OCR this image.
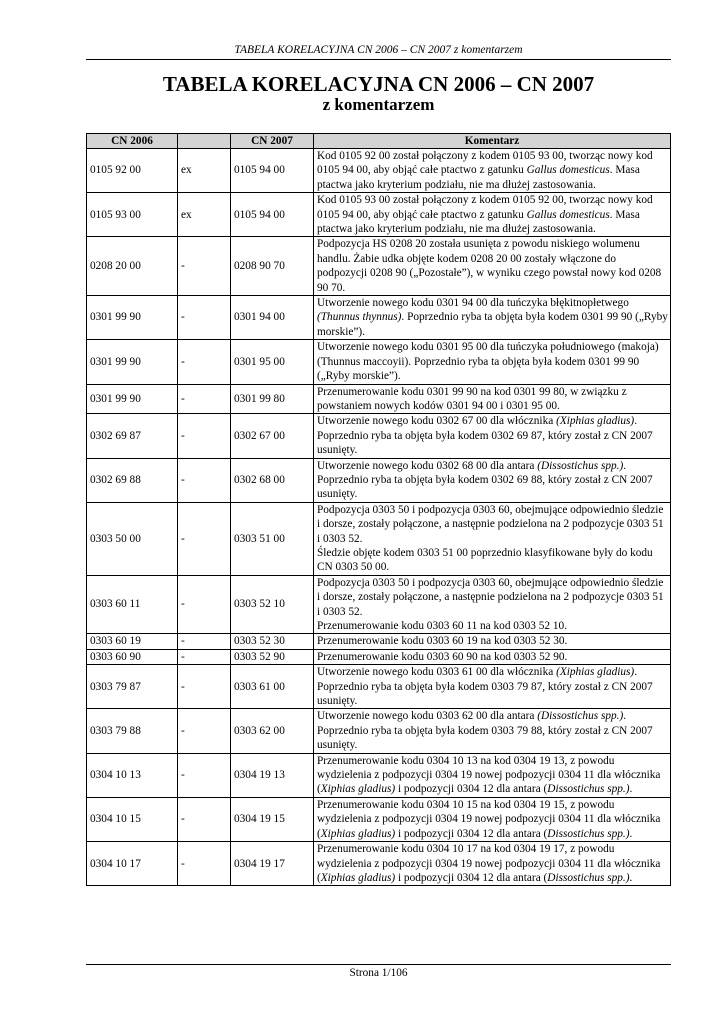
TABELA KORELACYJNA CN 2006 – CN 2007 z komentarzem
TABELA KORELACYJNA CN 2006 – CN 2007
z komentarzem
CN 2006		CN 2007	Komentarz
0105 92 00	ex	0105 94 00	Kod 0105 92 00 został połączony z kodem 0105 93 00, tworząc nowy kod 0105 94 00, aby objąć całe ptactwo z gatunku Gallus domesticus. Masa ptactwa jako kryterium podziału, nie ma dłużej zastosowania.
0105 93 00	ex	0105 94 00	Kod 0105 93 00 został połączony z kodem 0105 92 00, tworząc nowy kod 0105 94 00, aby objąć całe ptactwo z gatunku Gallus domesticus. Masa ptactwa jako kryterium podziału, nie ma dłużej zastosowania.
0208 20 00	-	0208 90 70	Podpozycja HS 0208 20 została usunięta z powodu niskiego wolumenu handlu. Żabie udka objęte kodem 0208 20 00 zostały włączone do podpozycji 0208 90 („Pozostałe”), w wyniku czego powstał nowy kod 0208 90 70.
0301 99 90	-	0301 94 00	Utworzenie nowego kodu 0301 94 00 dla tuńczyka błękitnopłetwego (Thunnus thynnus). Poprzednio ryba ta objęta była kodem 0301 99 90 („Ryby morskie”).
0301 99 90	-	0301 95 00	Utworzenie nowego kodu 0301 95 00 dla tuńczyka południowego (makoja) (Thunnus maccoyii). Poprzednio ryba ta objęta była kodem 0301 99 90 („Ryby morskie”).
0301 99 90	-	0301 99 80	Przenumerowanie kodu 0301 99 90 na kod 0301 99 80, w związku z powstaniem nowych kodów 0301 94 00 i 0301 95 00.
0302 69 87	-	0302 67 00	Utworzenie nowego kodu 0302 67 00 dla włócznika (Xiphias gladius). Poprzednio ryba ta objęta była kodem 0302 69 87, który został z CN 2007 usunięty.
0302 69 88	-	0302 68 00	Utworzenie nowego kodu 0302 68 00 dla antara (Dissostichus spp.). Poprzednio ryba ta objęta była kodem 0302 69 88, który został z CN 2007 usunięty.
0303 50 00	-	0303 51 00	Podpozycja 0303 50 i podpozycja 0303 60, obejmujące odpowiednio śledzie i dorsze, zostały połączone, a następnie podzielona na 2 podpozycje 0303 51 i 0303 52.
Śledzie objęte kodem 0303 51 00 poprzednio klasyfikowane były do kodu CN 0303 50 00.
0303 60 11	-	0303 52 10	Podpozycja 0303 50 i podpozycja 0303 60, obejmujące odpowiednio śledzie i dorsze, zostały połączone, a następnie podzielona na 2 podpozycje 0303 51 i 0303 52.
Przenumerowanie kodu 0303 60 11 na kod 0303 52 10.
0303 60 19	-	0303 52 30	Przenumerowanie kodu 0303 60 19 na kod 0303 52 30.
0303 60 90	-	0303 52 90	Przenumerowanie kodu 0303 60 90 na kod 0303 52 90.
0303 79 87	-	0303 61 00	Utworzenie nowego kodu 0303 61 00 dla włócznika (Xiphias gladius). Poprzednio ryba ta objęta była kodem 0303 79 87, który został z CN 2007 usunięty.
0303 79 88	-	0303 62 00	Utworzenie nowego kodu 0303 62 00 dla antara (Dissostichus spp.). Poprzednio ryba ta objęta była kodem 0303 79 88, który został z CN 2007 usunięty.
0304 10 13	-	0304 19 13	Przenumerowanie kodu 0304 10 13 na kod 0304 19 13, z powodu wydzielenia z podpozycji 0304 19 nowej podpozycji 0304 11 dla włócznika (Xiphias gladius) i podpozycji 0304 12 dla antara (Dissostichus spp.).
0304 10 15	-	0304 19 15	Przenumerowanie kodu 0304 10 15 na kod 0304 19 15, z powodu wydzielenia z podpozycji 0304 19 nowej podpozycji 0304 11 dla włócznika (Xiphias gladius) i podpozycji 0304 12 dla antara (Dissostichus spp.).
0304 10 17	-	0304 19 17	Przenumerowanie kodu 0304 10 17 na kod 0304 19 17, z powodu wydzielenia z podpozycji 0304 19 nowej podpozycji 0304 11 dla włócznika (Xiphias gladius) i podpozycji 0304 12 dla antara (Dissostichus spp.).
Strona 1/106
